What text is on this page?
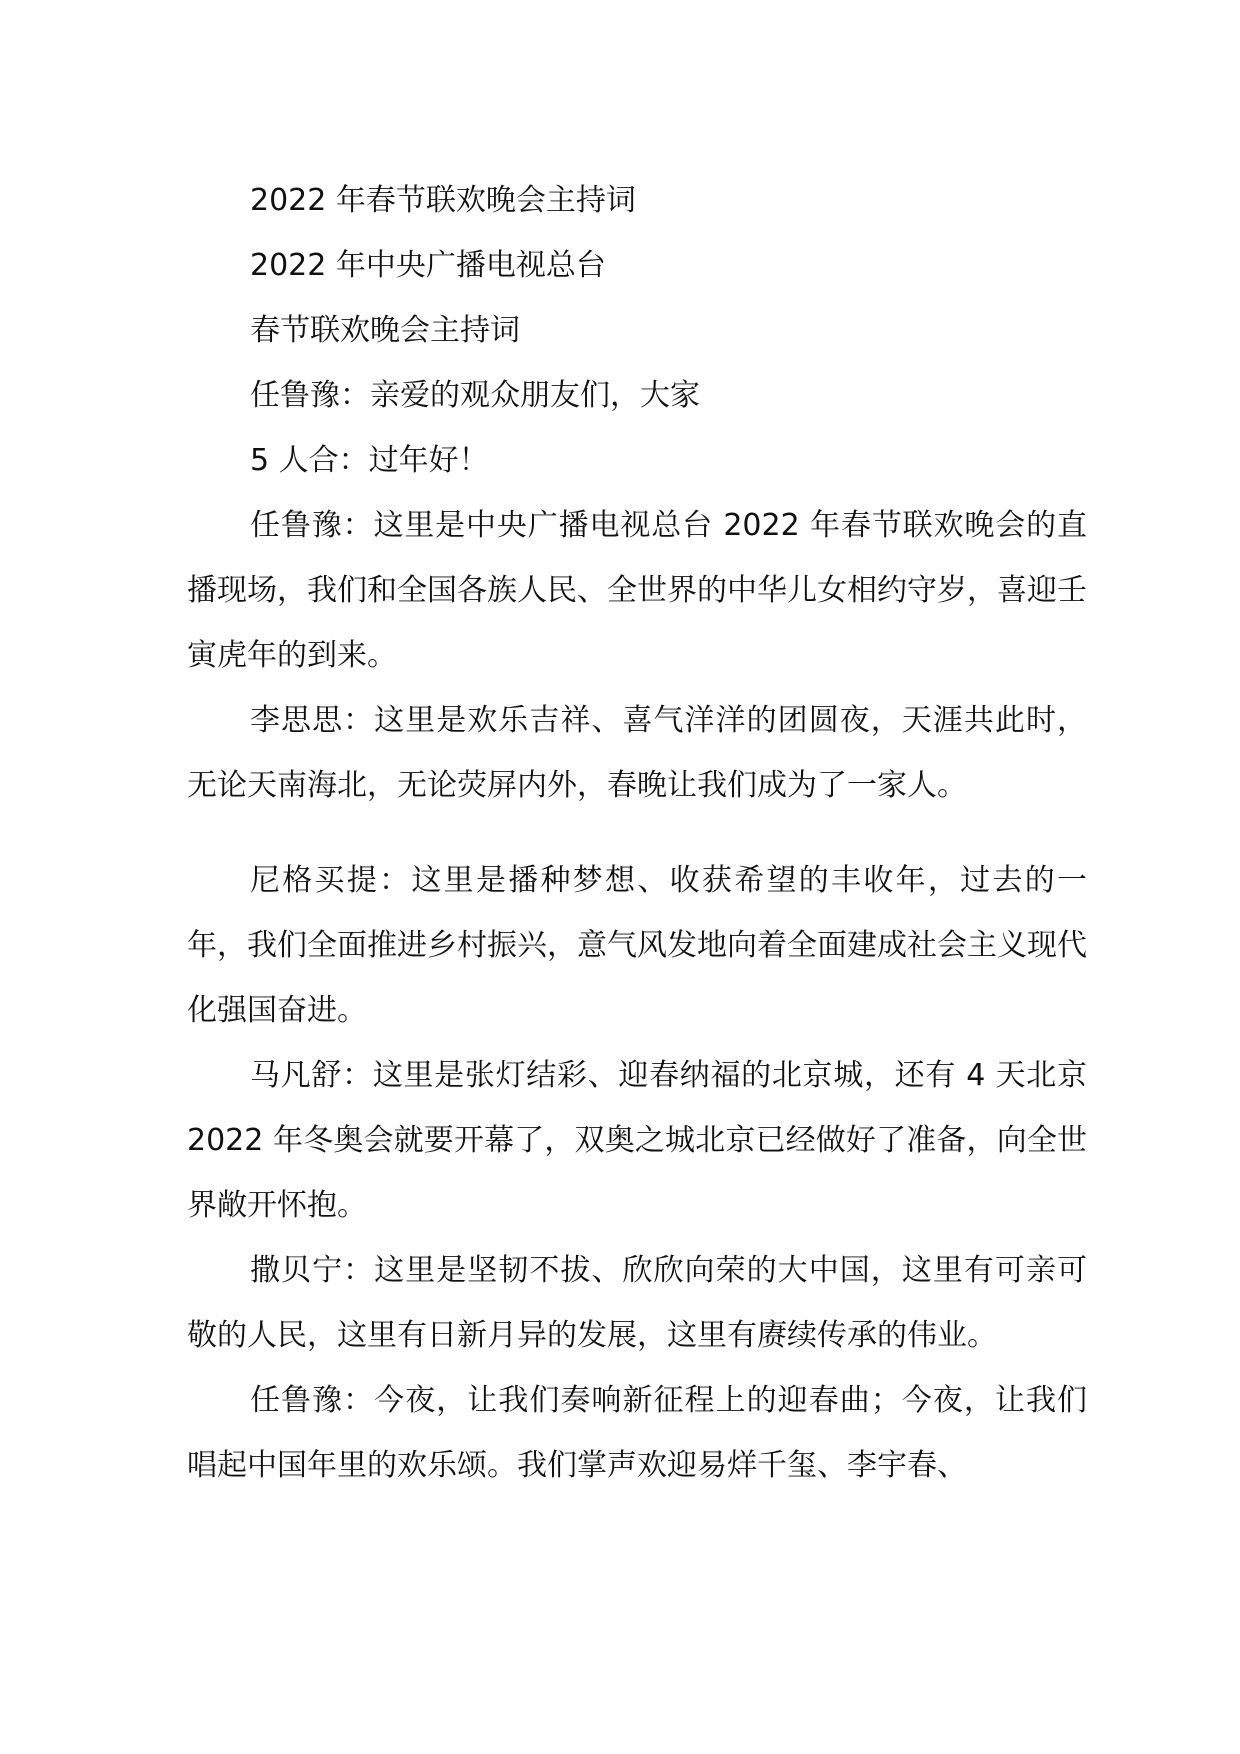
2022 年春节联欢晚会主持词

2022 年中央广播电视总台

春节联欢晚会主持词

任鲁豫：亲爱的观众朋友们，大家

5 人合：过年好！

任鲁豫：这里是中央广播电视总台 2022 年春节联欢晚会的直播现场，我们和全国各族人民、全世界的中华儿女相约守岁，喜迎壬寅虎年的到来。

李思思：这里是欢乐吉祥、喜气洋洋的团圆夜，天涯共此时，无论天南海北，无论荧屏内外，春晚让我们成为了一家人。

尼格买提：这里是播种梦想、收获希望的丰收年，过去的一年，我们全面推进乡村振兴，意气风发地向着全面建成社会主义现代化强国奋进。

马凡舒：这里是张灯结彩、迎春纳福的北京城，还有 4 天北京 2022 年冬奥会就要开幕了，双奥之城北京已经做好了准备，向全世界敞开怀抱。

撒贝宁：这里是坚韧不拔、欣欣向荣的大中国，这里有可亲可敬的人民，这里有日新月异的发展，这里有赓续传承的伟业。

任鲁豫：今夜，让我们奏响新征程上的迎春曲；今夜，让我们唱起中国年里的欢乐颂。我们掌声欢迎易烊千玺、李宇春、
